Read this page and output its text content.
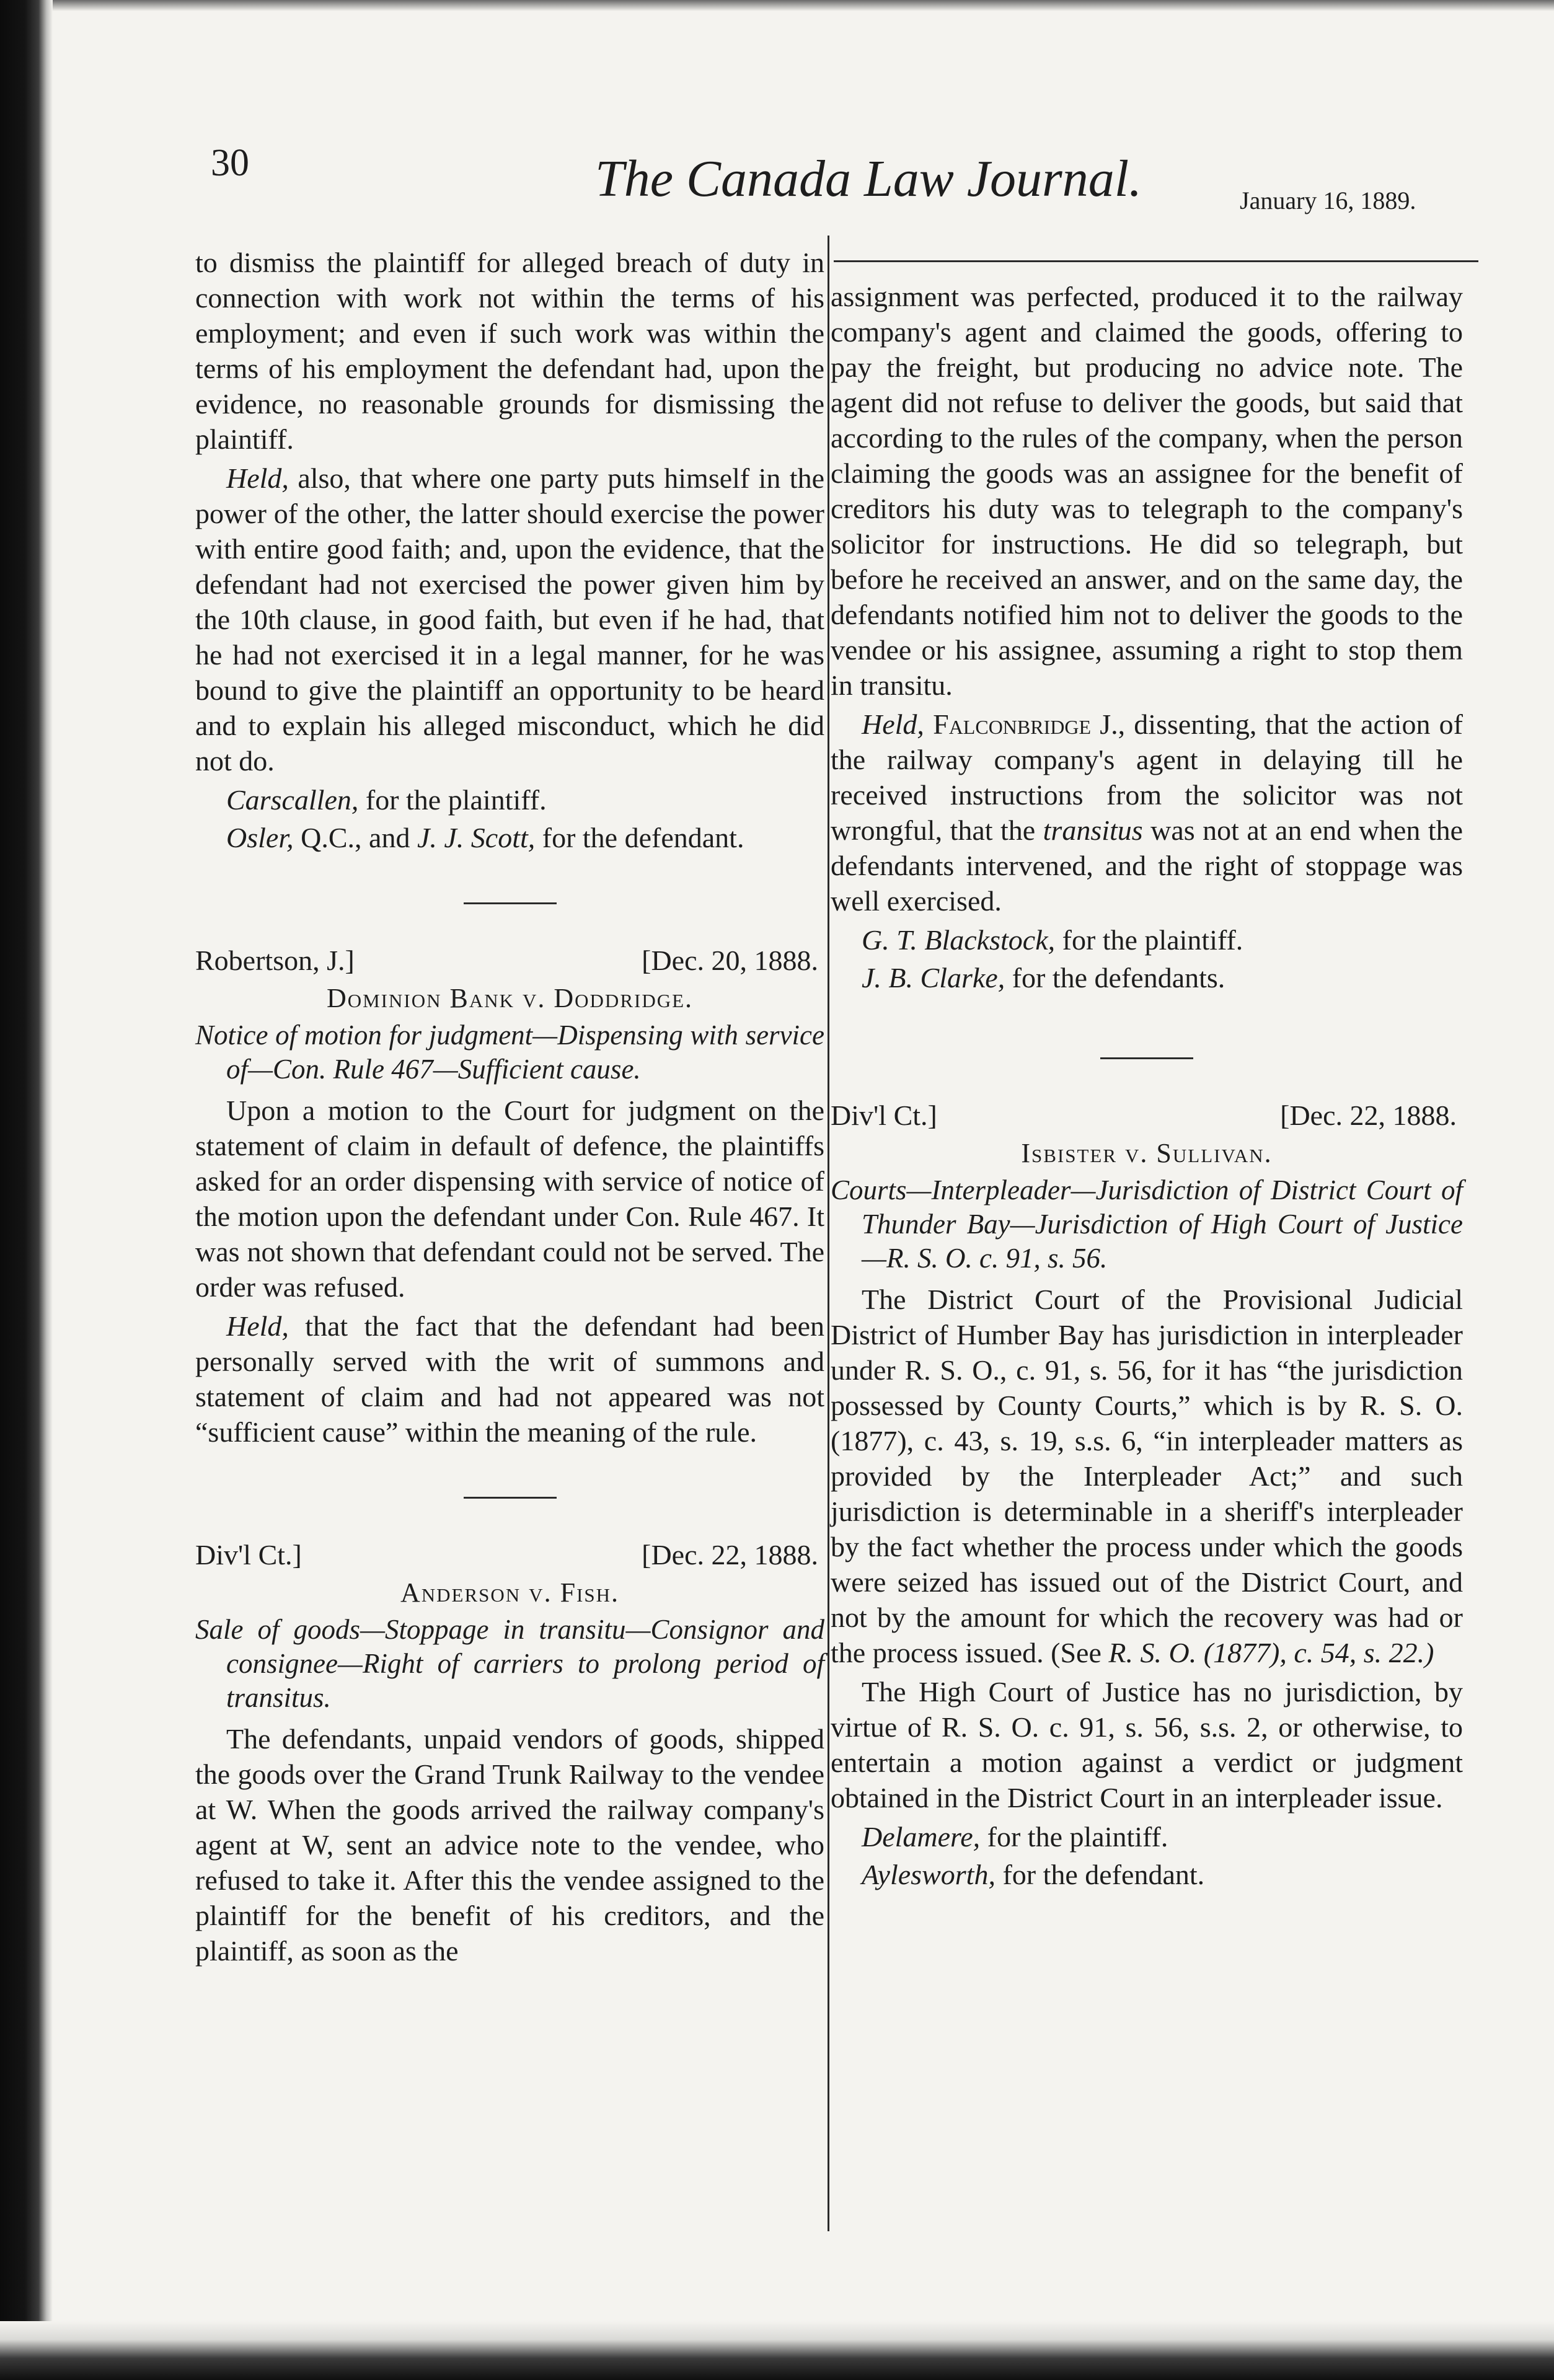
30	The Canada Law Journal.	January 16, 1889.

to dismiss the plaintiff for alleged breach of duty in connection with work not within the terms of his employment; and even if such work was within the terms of his employment the defendant had, upon the evidence, no reasonable grounds for dismissing the plaintiff.

Held, also, that where one party puts himself in the power of the other, the latter should exercise the power with entire good faith; and, upon the evidence, that the defendant had not exercised the power given him by the 10th clause, in good faith, but even if he had, that he had not exercised it in a legal manner, for he was bound to give the plaintiff an opportunity to be heard and to explain his alleged misconduct, which he did not do.

Carscallen, for the plaintiff.

Osler, Q.C., and J. J. Scott, for the defendant.

Robertson, J.]	[Dec. 20, 1888.
Dominion Bank v. Doddridge.

Notice of motion for judgment—Dispensing with service of—Con. Rule 467—Sufficient cause.

Upon a motion to the Court for judgment on the statement of claim in default of defence, the plaintiffs asked for an order dispensing with service of notice of the motion upon the defendant under Con. Rule 467. It was not shown that defendant could not be served. The order was refused.

Held, that the fact that the defendant had been personally served with the writ of summons and statement of claim and had not appeared was not “sufficient cause” within the meaning of the rule.

Div'l Ct.]	[Dec. 22, 1888.
Anderson v. Fish.

Sale of goods—Stoppage in transitu—Consignor and consignee—Right of carriers to prolong period of transitus.

The defendants, unpaid vendors of goods, shipped the goods over the Grand Trunk Railway to the vendee at W. When the goods arrived the railway company's agent at W, sent an advice note to the vendee, who refused to take it. After this the vendee assigned to the plaintiff for the benefit of his creditors, and the plaintiff, as soon as the

assignment was perfected, produced it to the railway company's agent and claimed the goods, offering to pay the freight, but producing no advice note. The agent did not refuse to deliver the goods, but said that according to the rules of the company, when the person claiming the goods was an assignee for the benefit of creditors his duty was to telegraph to the company's solicitor for instructions. He did so telegraph, but before he received an answer, and on the same day, the defendants notified him not to deliver the goods to the vendee or his assignee, assuming a right to stop them in transitu.

Held, Falconbridge J., dissenting, that the action of the railway company's agent in delaying till he received instructions from the solicitor was not wrongful, that the transitus was not at an end when the defendants intervened, and the right of stoppage was well exercised.

G. T. Blackstock, for the plaintiff.

J. B. Clarke, for the defendants.

Div'l Ct.]	[Dec. 22, 1888.
Isbister v. Sullivan.

Courts—Interpleader—Jurisdiction of District Court of Thunder Bay—Jurisdiction of High Court of Justice—R. S. O. c. 91, s. 56.

The District Court of the Provisional Judicial District of Humber Bay has jurisdiction in interpleader under R. S. O., c. 91, s. 56, for it has “the jurisdiction possessed by County Courts,” which is by R. S. O. (1877), c. 43, s. 19, s.s. 6, “in interpleader matters as provided by the Interpleader Act;” and such jurisdiction is determinable in a sheriff's interpleader by the fact whether the process under which the goods were seized has issued out of the District Court, and not by the amount for which the recovery was had or the process issued. (See R. S. O. (1877), c. 54, s. 22.)

The High Court of Justice has no jurisdiction, by virtue of R. S. O. c. 91, s. 56, s.s. 2, or otherwise, to entertain a motion against a verdict or judgment obtained in the District Court in an interpleader issue.

Delamere, for the plaintiff.

Aylesworth, for the defendant.
